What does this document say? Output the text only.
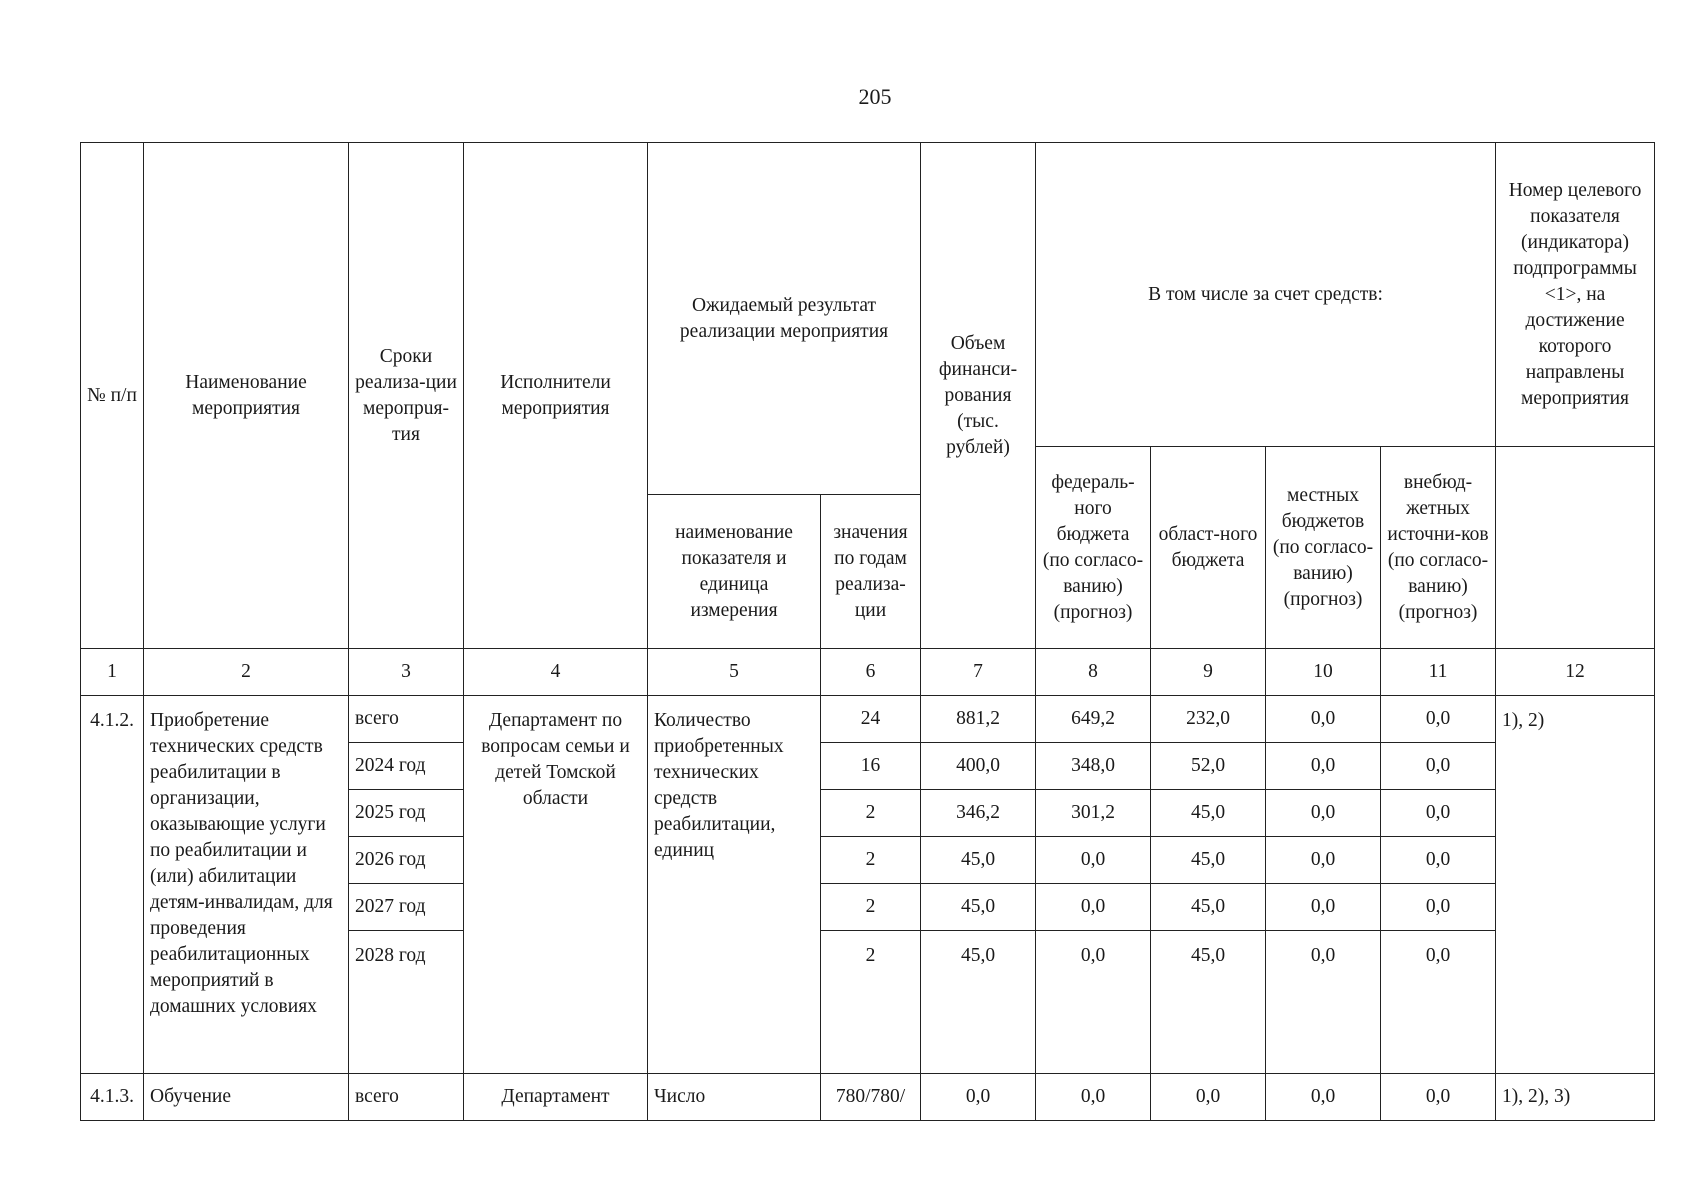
205
№ п/п	Наименование мероприятия	Сроки реализа-ции меропрuя-тия	Исполнители мероприятия	Ожидаемый результат реализации мероприятия		Объем финанси-рования (тыс. рублей)	В том числе за счет средств:				Номер целевого показателя (индикатора) подпрограммы <1>, на достижение которого направлены мероприятия
							федераль-ного бюджета (по согласо-ванию) (прогноз)	област-ного бюджета	местных бюджетов (по согласо-ванию) (прогноз)	внебюд-жетных источни-ков (по согласо-ванию) (прогноз)	
				наименование показателя и единица измерения	значения по годам реализа-ции						
1	2	3	4	5	6	7	8	9	10	11	12
4.1.2.	Приобретение технических средств реабилитации в организации, оказывающие услуги по реабилитации и (или) абилитации детям-инвалидам, для проведения реабилитационных мероприятий в домашних условиях	всего	Департамент по вопросам семьи и детей Томской области	Количество приобретенных технических средств реабилитации, единиц	24	881,2	649,2	232,0	0,0	0,0	1), 2)
		2024 год			16	400,0	348,0	52,0	0,0	0,0	
		2025 год			2	346,2	301,2	45,0	0,0	0,0	
		2026 год			2	45,0	0,0	45,0	0,0	0,0	
		2027 год			2	45,0	0,0	45,0	0,0	0,0	
		2028 год			2	45,0	0,0	45,0	0,0	0,0	
4.1.3.	Обучение	всего	Департамент	Число	780/780/	0,0	0,0	0,0	0,0	0,0	1), 2), 3)
